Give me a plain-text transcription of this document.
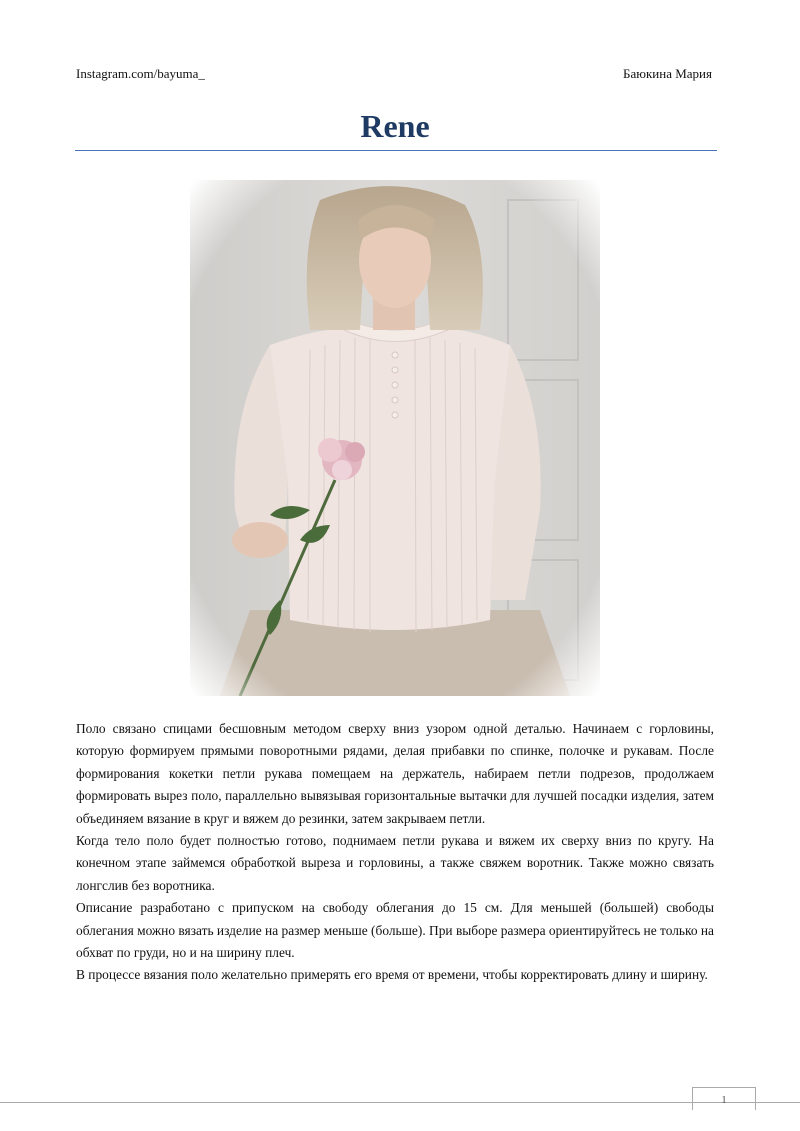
Instagram.com/bayuma_	Баюкина Мария
Rene

Поло связано спицами бесшовным методом сверху вниз узором одной деталью. Начинаем с горловины, которую формируем прямыми поворотными рядами, делая прибавки по спинке, полочке и рукавам. После формирования кокетки петли рукава помещаем на держатель, набираем петли подрезов, продолжаем формировать вырез поло, параллельно вывязывая горизонтальные вытачки для лучшей посадки изделия, затем объединяем вязание в круг и вяжем до резинки, затем закрываем петли.

Когда тело поло будет полностью готово, поднимаем петли рукава и вяжем их сверху вниз по кругу. На конечном этапе займемся обработкой выреза и горловины, а также свяжем воротник. Также можно связать лонгслив без воротника.

Описание разработано с припуском на свободу облегания до 15 см. Для меньшей (большей) свободы облегания можно вязать изделие на размер меньше (больше). При выборе размера ориентируйтесь не только на обхват по груди, но и на ширину плеч.

В процессе вязания поло желательно примерять его время от времени, чтобы корректировать длину и ширину.

1
